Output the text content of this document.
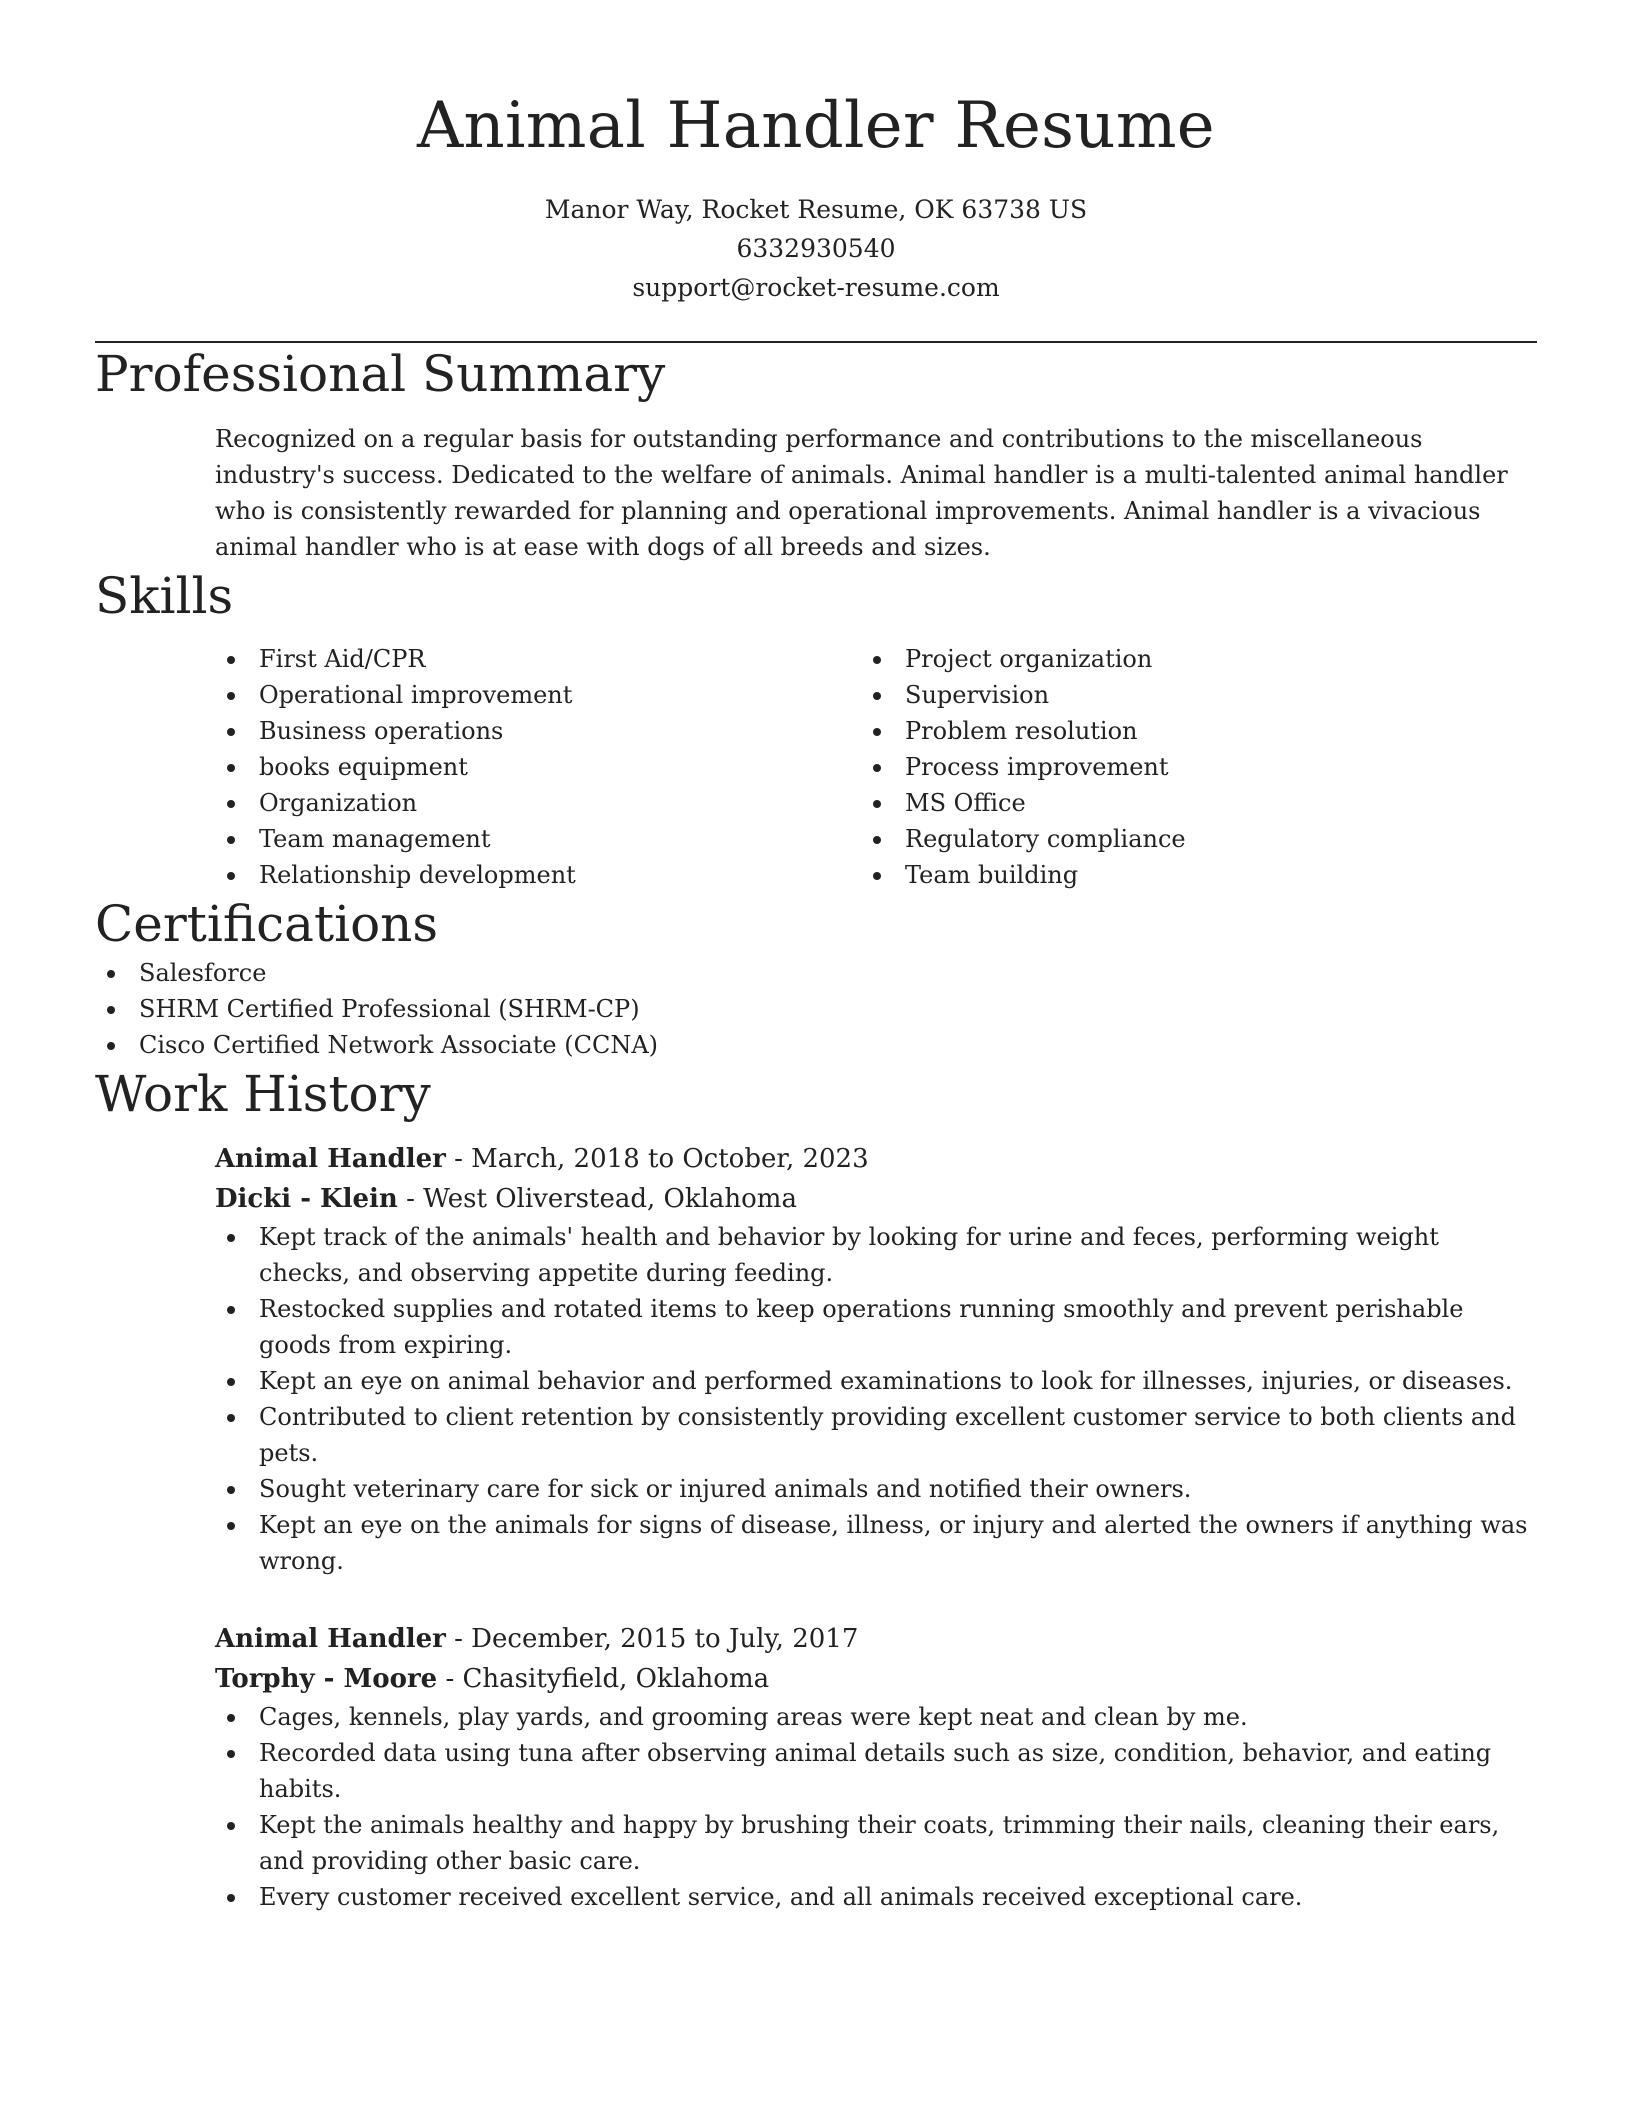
Animal Handler Resume
Manor Way, Rocket Resume, OK 63738 US
6332930540
support@rocket-resume.com
Professional Summary

Recognized on a regular basis for outstanding performance and contributions to the miscellaneous industry's success. Dedicated to the welfare of animals. Animal handler is a multi-talented animal handler who is consistently rewarded for planning and operational improvements. Animal handler is a vivacious animal handler who is at ease with dogs of all breeds and sizes.

Skills
First Aid/CPR
Operational improvement
Business operations
books equipment
Organization
Team management
Relationship development
Project organization
Supervision
Problem resolution
Process improvement
MS Office
Regulatory compliance
Team building
Certifications
Salesforce
SHRM Certified Professional (SHRM-CP)
Cisco Certified Network Associate (CCNA)
Work History
Animal Handler - March, 2018 to October, 2023
Dicki - Klein - West Oliverstead, Oklahoma
Kept track of the animals' health and behavior by looking for urine and feces, performing weight checks, and observing appetite during feeding.
Restocked supplies and rotated items to keep operations running smoothly and prevent perishable goods from expiring.
Kept an eye on animal behavior and performed examinations to look for illnesses, injuries, or diseases.
Contributed to client retention by consistently providing excellent customer service to both clients and pets.
Sought veterinary care for sick or injured animals and notified their owners.
Kept an eye on the animals for signs of disease, illness, or injury and alerted the owners if anything was wrong.
Animal Handler - December, 2015 to July, 2017
Torphy - Moore - Chasityfield, Oklahoma
Cages, kennels, play yards, and grooming areas were kept neat and clean by me.
Recorded data using tuna after observing animal details such as size, condition, behavior, and eating habits.
Kept the animals healthy and happy by brushing their coats, trimming their nails, cleaning their ears, and providing other basic care.
Every customer received excellent service, and all animals received exceptional care.
